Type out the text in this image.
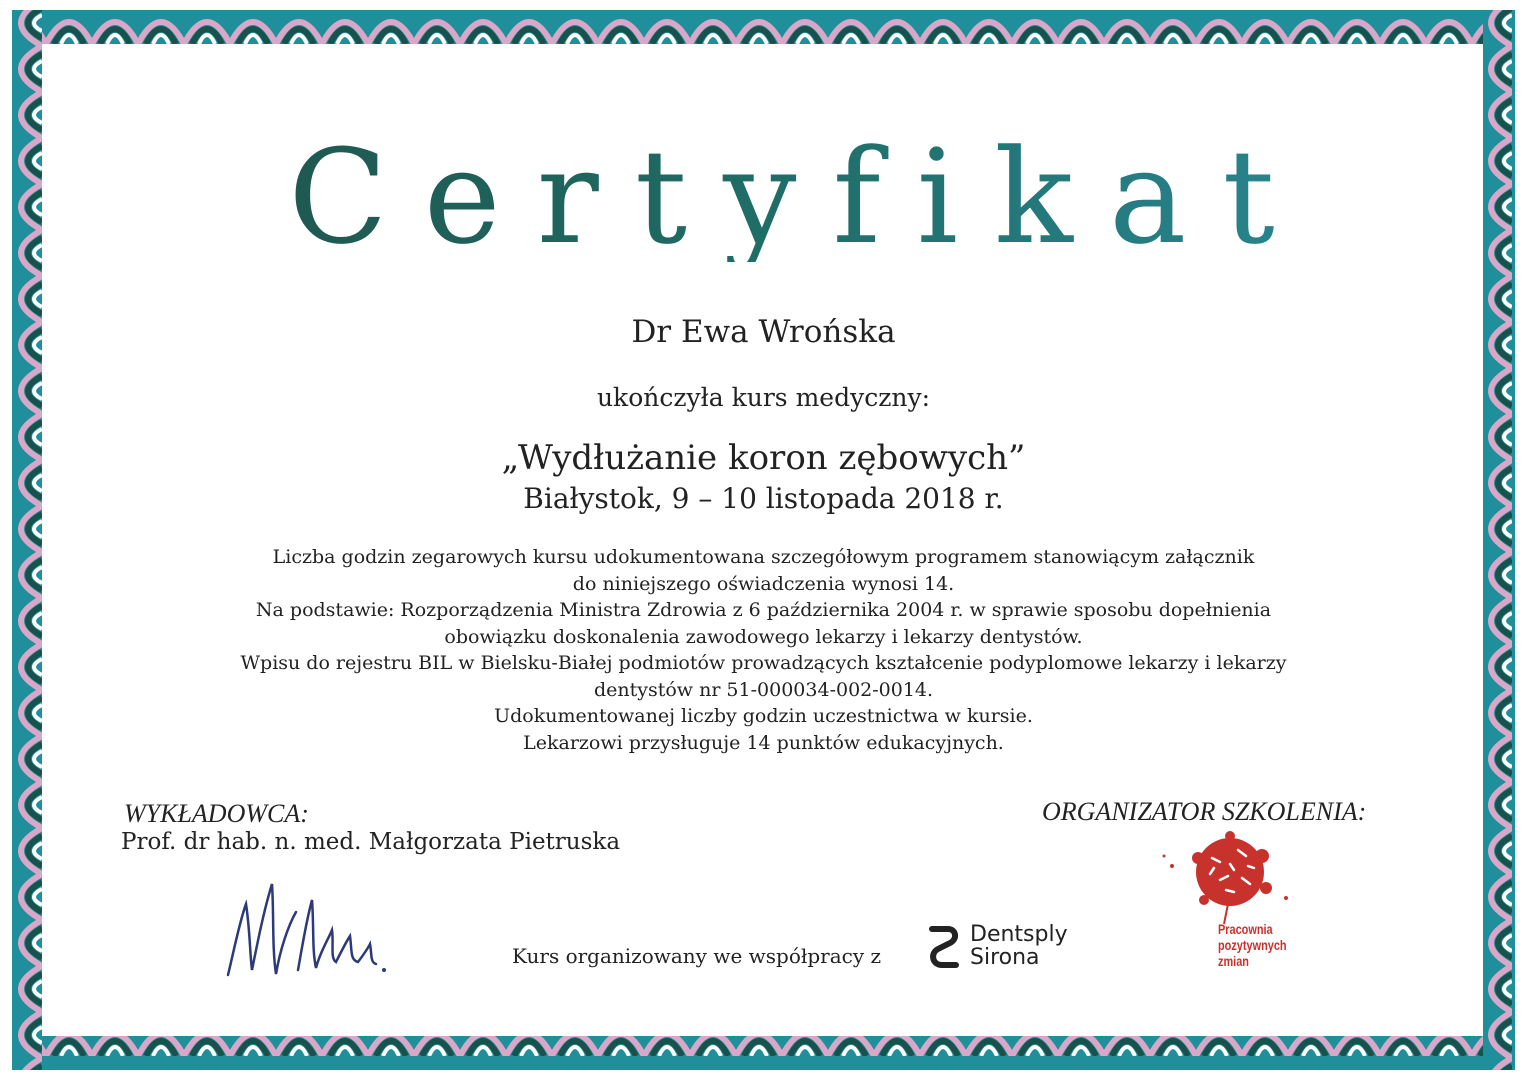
Certyfikat

Dr Ewa Wrońska

ukończyła kurs medyczny:

„Wydłużanie koron zębowych”

Białystok, 9 – 10 listopada 2018 r.

Liczba godzin zegarowych kursu udokumentowana szczegółowym programem stanowiącym załącznik
do niniejszego oświadczenia wynosi 14.
Na podstawie: Rozporządzenia Ministra Zdrowia z 6 października 2004 r. w sprawie sposobu dopełnienia
obowiązku doskonalenia zawodowego lekarzy i lekarzy dentystów.
Wpisu do rejestru BIL w Bielsku-Białej podmiotów prowadzących kształcenie podyplomowe lekarzy i lekarzy
dentystów nr 51-000034-002-0014.
Udokumentowanej liczby godzin uczestnictwa w kursie.
Lekarzowi przysługuje 14 punktów edukacyjnych.
WYKŁADOWCA:
Prof. dr hab. n. med. Małgorzata Pietruska
ORGANIZATOR SZKOLENIA:
Kurs organizowany we współpracy z
Dentsply
Sirona
Pracownia
pozytywnych
zmian
